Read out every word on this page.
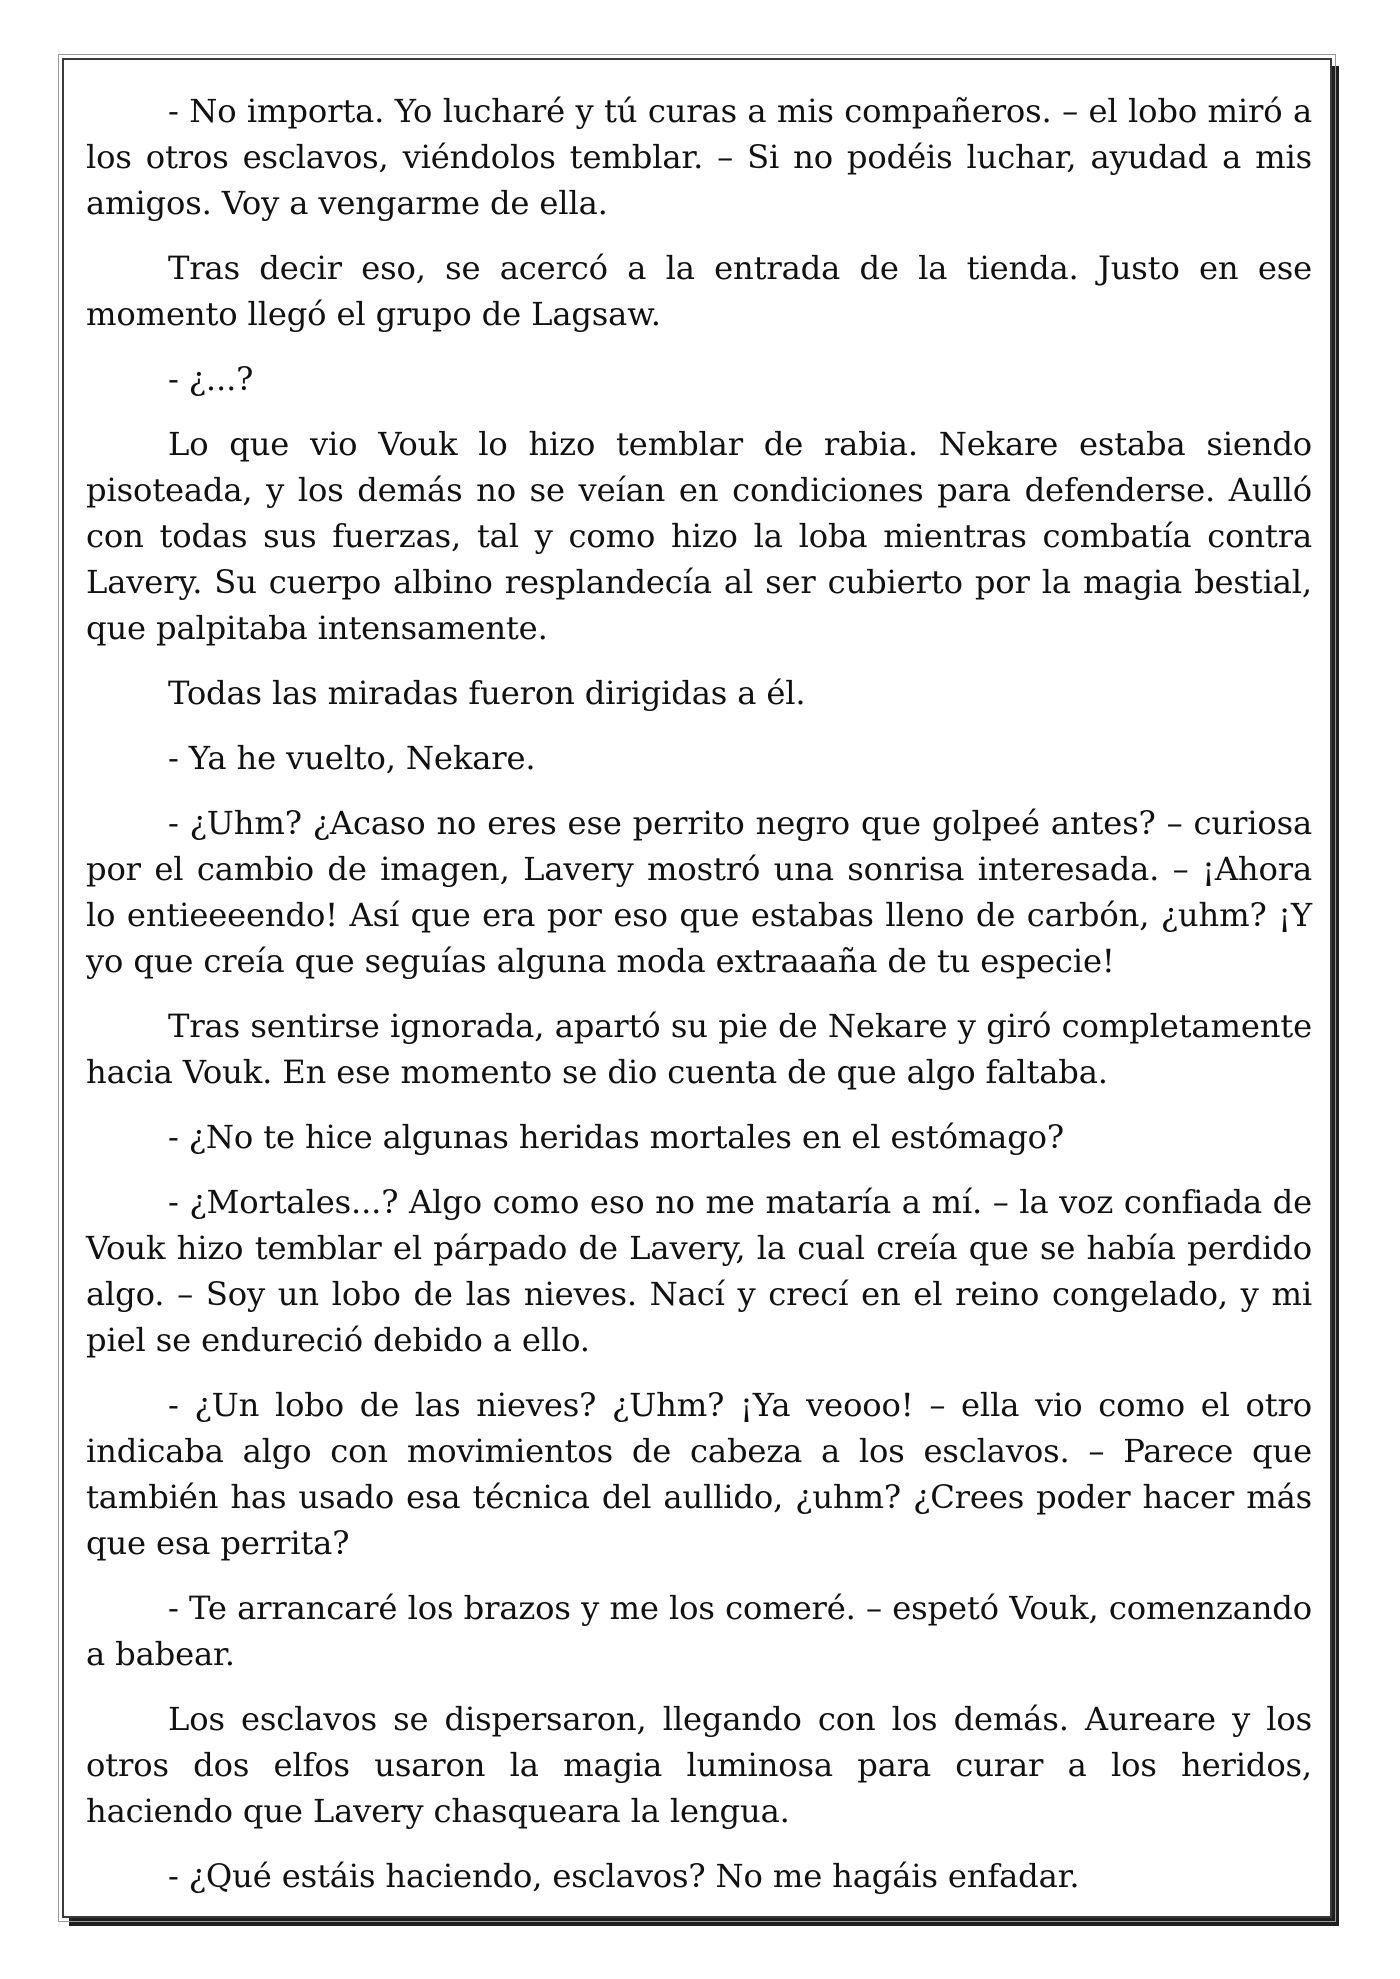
- No importa. Yo lucharé y tú curas a mis compañeros. – el lobo miró a los otros esclavos, viéndolos temblar. – Si no podéis luchar, ayudad a mis amigos. Voy a vengarme de ella.

Tras decir eso, se acercó a la entrada de la tienda. Justo en ese momento llegó el grupo de Lagsaw.

- ¿...?

Lo que vio Vouk lo hizo temblar de rabia. Nekare estaba siendo pisoteada, y los demás no se veían en condiciones para defenderse. Aulló con todas sus fuerzas, tal y como hizo la loba mientras combatía contra Lavery. Su cuerpo albino resplandecía al ser cubierto por la magia bestial, que palpitaba intensamente.

Todas las miradas fueron dirigidas a él.

- Ya he vuelto, Nekare.

- ¿Uhm? ¿Acaso no eres ese perrito negro que golpeé antes? – curiosa por el cambio de imagen, Lavery mostró una sonrisa interesada. – ¡Ahora lo entieeeendo! Así que era por eso que estabas lleno de carbón, ¿uhm? ¡Y yo que creía que seguías alguna moda extraaaña de tu especie!

Tras sentirse ignorada, apartó su pie de Nekare y giró completamente hacia Vouk. En ese momento se dio cuenta de que algo faltaba.

- ¿No te hice algunas heridas mortales en el estómago?

- ¿Mortales...? Algo como eso no me mataría a mí. – la voz confiada de Vouk hizo temblar el párpado de Lavery, la cual creía que se había perdido algo. – Soy un lobo de las nieves. Nací y crecí en el reino congelado, y mi piel se endureció debido a ello.

- ¿Un lobo de las nieves? ¿Uhm? ¡Ya veooo! – ella vio como el otro indicaba algo con movimientos de cabeza a los esclavos. – Parece que también has usado esa técnica del aullido, ¿uhm? ¿Crees poder hacer más que esa perrita?

- Te arrancaré los brazos y me los comeré. – espetó Vouk, comenzando a babear.

Los esclavos se dispersaron, llegando con los demás. Aureare y los otros dos elfos usaron la magia luminosa para curar a los heridos, haciendo que Lavery chasqueara la lengua.

- ¿Qué estáis haciendo, esclavos? No me hagáis enfadar.
